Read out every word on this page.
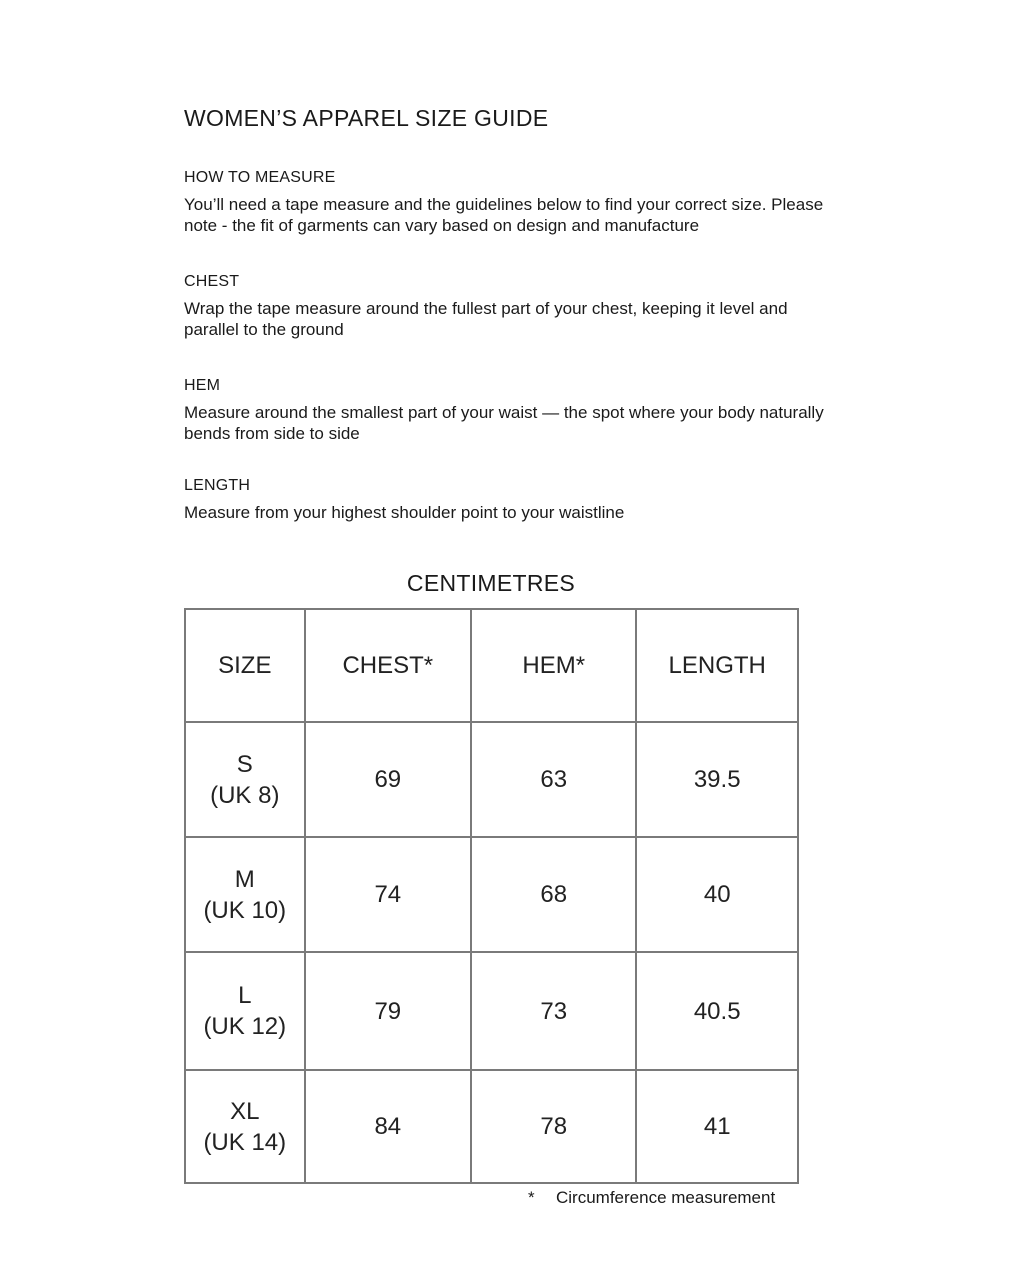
WOMEN’S APPAREL SIZE GUIDE

HOW TO MEASURE

You’ll need a tape measure and the guidelines below to find your correct size. Please note - the fit of garments can vary based on design and manufacture

CHEST

Wrap the tape measure around the fullest part of your chest, keeping it level and parallel to the ground

HEM

Measure around the smallest part of your waist — the spot where your body naturally bends from side to side

LENGTH

Measure from your highest shoulder point to your waistline

CENTIMETRES
SIZE	CHEST*	HEM*	LENGTH

S
(UK 8)	69	63	39.5

M
(UK 10)	74	68	40

L
(UK 12)	79	73	40.5

XL
(UK 14)	84	78	41
* Circumference measurement
